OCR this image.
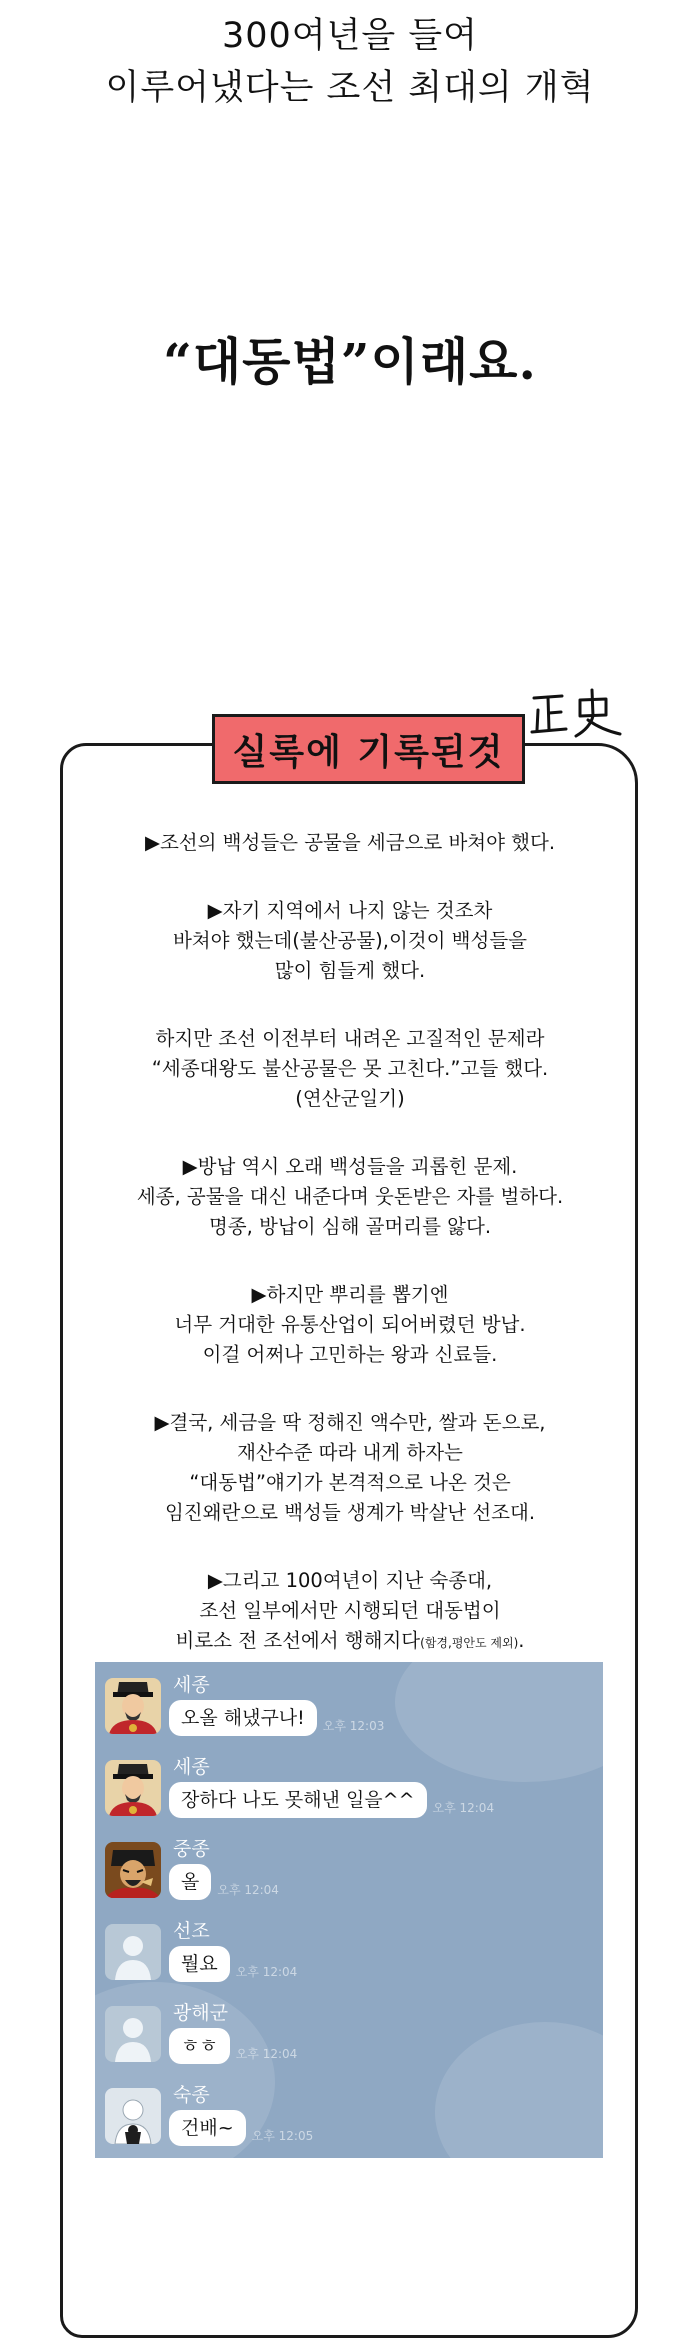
300여년을 들여
이루어냈다는 조선 최대의 개혁
“대동법”이래요.
실록에 기록된것
▶조선의 백성들은 공물을 세금으로 바쳐야 했다.
▶자기 지역에서 나지 않는 것조차
바쳐야 했는데(불산공물),이것이 백성들을
많이 힘들게 했다.
하지만 조선 이전부터 내려온 고질적인 문제라
“세종대왕도 불산공물은 못 고친다.”고들 했다.
(연산군일기)
▶방납 역시 오래 백성들을 괴롭힌 문제.
세종, 공물을 대신 내준다며 웃돈받은 자를 벌하다.
명종, 방납이 심해 골머리를 앓다.
▶하지만 뿌리를 뽑기엔
너무 거대한 유통산업이 되어버렸던 방납.
이걸 어쩌나 고민하는 왕과 신료들.
▶결국, 세금을 딱 정해진 액수만, 쌀과 돈으로,
재산수준 따라 내게 하자는
“대동법”얘기가 본격적으로 나온 것은
임진왜란으로 백성들 생계가 박살난 선조대.
▶그리고 100여년이 지난 숙종대,
조선 일부에서만 시행되던 대동법이
비로소 전 조선에서 행해지다(함경,평안도 제외).
세종
오올 해냈구나!	오후 12:03
세종
장하다 나도 못해낸 일을^^	오후 12:04
중종
올	오후 12:04
선조
뭘요	오후 12:04
광해군
ㅎㅎ	오후 12:04
숙종
건배~	오후 12:05
